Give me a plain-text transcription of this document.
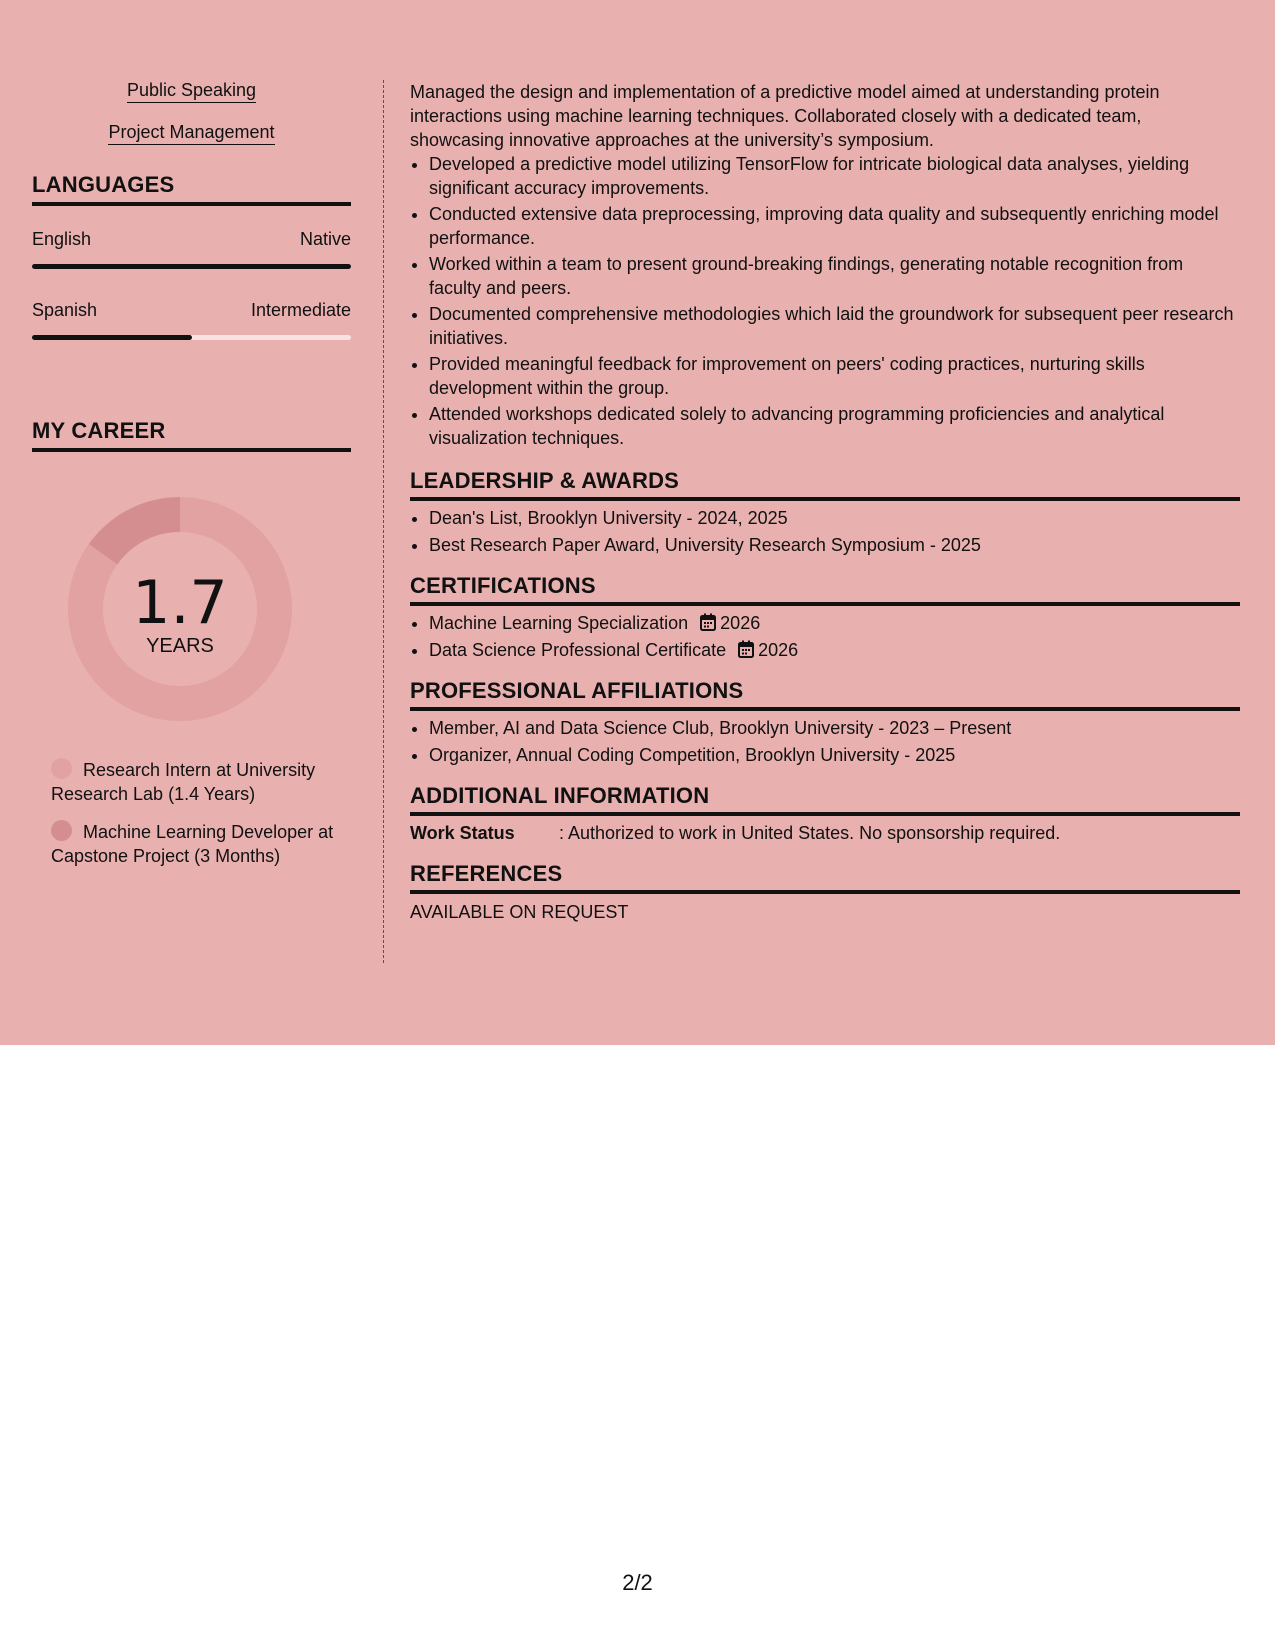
Public Speaking
Project Management
LANGUAGES
English	Native
Spanish	Intermediate
MY CAREER
1.7
YEARS
Research Intern at University Research Lab (1.4 Years)
Machine Learning Developer at Capstone Project (3 Months)

Managed the design and implementation of a predictive model aimed at understanding protein interactions using machine learning techniques. Collaborated closely with a dedicated team, showcasing innovative approaches at the university’s symposium.

• Developed a predictive model utilizing TensorFlow for intricate biological data analyses, yielding significant accuracy improvements.
• Conducted extensive data preprocessing, improving data quality and subsequently enriching model performance.
• Worked within a team to present ground-breaking findings, generating notable recognition from faculty and peers.
• Documented comprehensive methodologies which laid the groundwork for subsequent peer research initiatives.
• Provided meaningful feedback for improvement on peers' coding practices, nurturing skills development within the group.
• Attended workshops dedicated solely to advancing programming proficiencies and analytical visualization techniques.
LEADERSHIP & AWARDS
• Dean's List, Brooklyn University - 2024, 2025
• Best Research Paper Award, University Research Symposium - 2025
CERTIFICATIONS
• Machine Learning Specialization 2026
• Data Science Professional Certificate 2026
PROFESSIONAL AFFILIATIONS
• Member, AI and Data Science Club, Brooklyn University - 2023 – Present
• Organizer, Annual Coding Competition, Brooklyn University - 2025
ADDITIONAL INFORMATION
Work Status : Authorized to work in United States. No sponsorship required.
REFERENCES
AVAILABLE ON REQUEST
2/2
